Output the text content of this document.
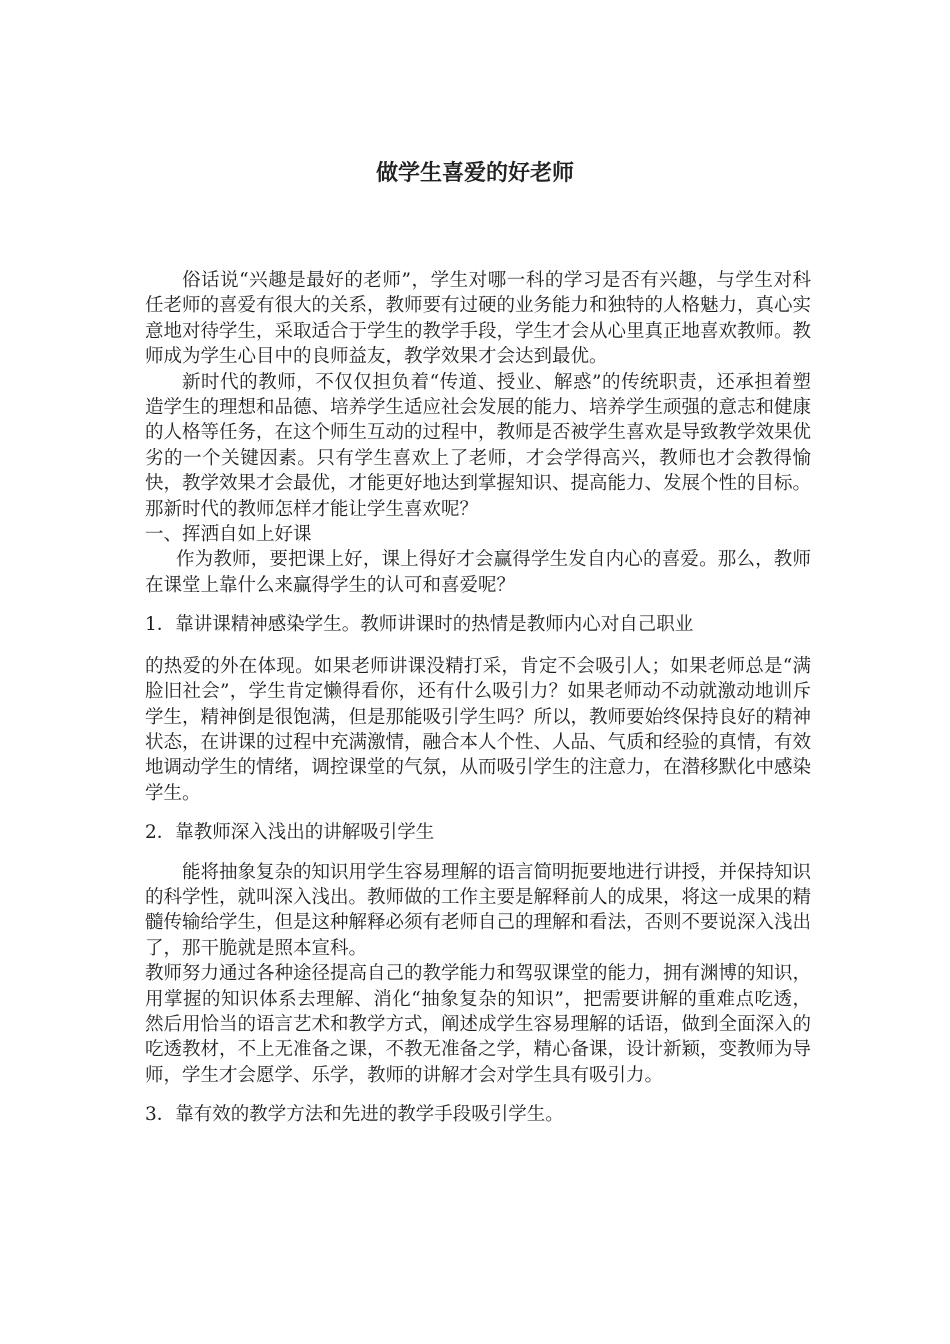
做学生喜爱的好老师

俗话说“兴趣是最好的老师”，学生对哪一科的学习是否有兴趣，与学生对科任老师的喜爱有很大的关系，教师要有过硬的业务能力和独特的人格魅力，真心实意地对待学生，采取适合于学生的教学手段，学生才会从心里真正地喜欢教师。教师成为学生心目中的良师益友，教学效果才会达到最优。

新时代的教师，不仅仅担负着“传道、授业、解惑”的传统职责，还承担着塑造学生的理想和品德、培养学生适应社会发展的能力、培养学生顽强的意志和健康的人格等任务，在这个师生互动的过程中，教师是否被学生喜欢是导致教学效果优劣的一个关键因素。只有学生喜欢上了老师，才会学得高兴，教师也才会教得愉快，教学效果才会最优，才能更好地达到掌握知识、提高能力、发展个性的目标。那新时代的教师怎样才能让学生喜欢呢？

一、挥洒自如上好课

作为教师，要把课上好，课上得好才会赢得学生发自内心的喜爱。那么，教师在课堂上靠什么来赢得学生的认可和喜爱呢？

1．靠讲课精神感染学生。教师讲课时的热情是教师内心对自己职业

的热爱的外在体现。如果老师讲课没精打采，肯定不会吸引人；如果老师总是“满脸旧社会”，学生肯定懒得看你，还有什么吸引力？如果老师动不动就激动地训斥学生，精神倒是很饱满，但是那能吸引学生吗？所以，教师要始终保持良好的精神状态，在讲课的过程中充满激情，融合本人个性、人品、气质和经验的真情，有效地调动学生的情绪，调控课堂的气氛，从而吸引学生的注意力，在潜移默化中感染学生。

2．靠教师深入浅出的讲解吸引学生

能将抽象复杂的知识用学生容易理解的语言简明扼要地进行讲授，并保持知识的科学性，就叫深入浅出。教师做的工作主要是解释前人的成果，将这一成果的精髓传输给学生，但是这种解释必须有老师自己的理解和看法，否则不要说深入浅出了，那干脆就是照本宣科。

教师努力通过各种途径提高自己的教学能力和驾驭课堂的能力，拥有渊博的知识，用掌握的知识体系去理解、消化“抽象复杂的知识”，把需要讲解的重难点吃透，然后用恰当的语言艺术和教学方式，阐述成学生容易理解的话语，做到全面深入的吃透教材，不上无准备之课，不教无准备之学，精心备课，设计新颖，变教师为导师，学生才会愿学、乐学，教师的讲解才会对学生具有吸引力。

3．靠有效的教学方法和先进的教学手段吸引学生。
